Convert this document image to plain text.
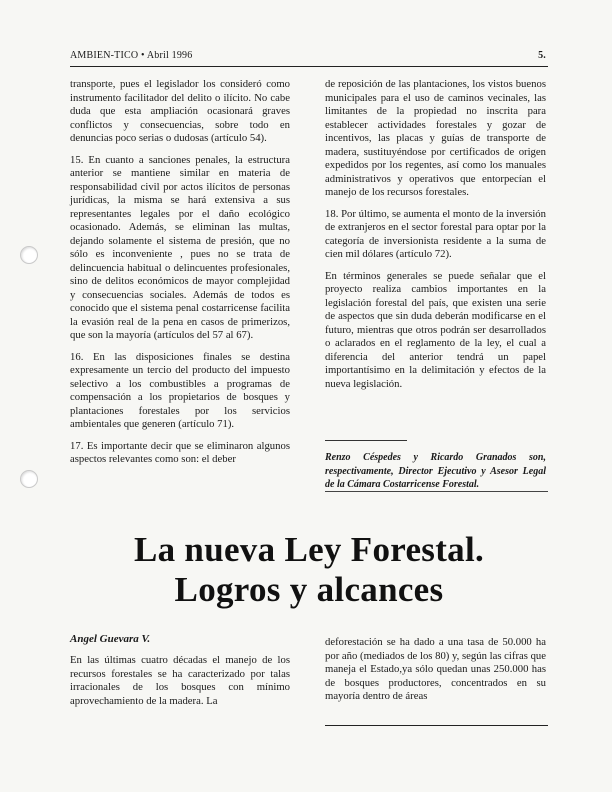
AMBIEN-TICO • Abril 1996	5.

transporte, pues el legislador los consideró como instrumento facilitador del delito o ilícito. No cabe duda que esta ampliación ocasionará graves conflictos y consecuencias, sobre todo en denuncias poco serias o dudosas (artículo 54).

15. En cuanto a sanciones penales, la estructura anterior se mantiene similar en materia de responsabilidad civil por actos ilícitos de personas jurídicas, la misma se hará extensiva a sus representantes legales por el daño ecológico ocasionado. Además, se eliminan las multas, dejando solamente el sistema de presión, que no sólo es inconveniente , pues no se trata de delincuencia habitual o delincuentes profesionales, sino de delitos económicos de mayor complejidad y consecuencias sociales. Además de todos es conocido que el sistema penal costarricense facilita la evasión real de la pena en casos de primerizos, que son la mayoría (artículos del 57 al 67).

16. En las disposiciones finales se destina expresamente un tercio del producto del impuesto selectivo a los combustibles a programas de compensación a los propietarios de bosques y plantaciones forestales por los servicios ambientales que generen (artículo 71).

17. Es importante decir que se eliminaron algunos aspectos relevantes como son: el deber

de reposición de las plantaciones, los vistos buenos municipales para el uso de caminos vecinales, las limitantes de la propiedad no inscrita para establecer actividades forestales y gozar de incentivos, las placas y guías de transporte de madera, sustituyéndose por certificados de origen expedidos por los regentes, así como los manuales administrativos y operativos que entorpecían el manejo de los recursos forestales.

18. Por último, se aumenta el monto de la inversión de extranjeros en el sector forestal para optar por la categoría de inversionista residente a la suma de cien mil dólares (artículo 72).

En términos generales se puede señalar que el proyecto realiza cambios importantes en la legislación forestal del país, que existen una serie de aspectos que sin duda deberán modificarse en el futuro, mientras que otros podrán ser desarrollados o aclarados en el reglamento de la ley, el cual a diferencia del anterior tendrá un papel importantísimo en la delimitación y efectos de la nueva legislación.

Renzo Céspedes y Ricardo Granados son, respectivamente, Director Ejecutivo y Asesor Legal de la Cámara Costarricense Forestal.
La nueva Ley Forestal.
Logros y alcances
Angel Guevara V.

En las últimas cuatro décadas el manejo de los recursos forestales se ha caracterizado por talas irracionales de los bosques con mínimo aprovechamiento de la madera. La

deforestación se ha dado a una tasa de 50.000 ha por año (mediados de los 80) y, según las cifras que maneja el Estado,ya sólo quedan unas 250.000 has de bosques productores, concentrados en su mayoría dentro de áreas
